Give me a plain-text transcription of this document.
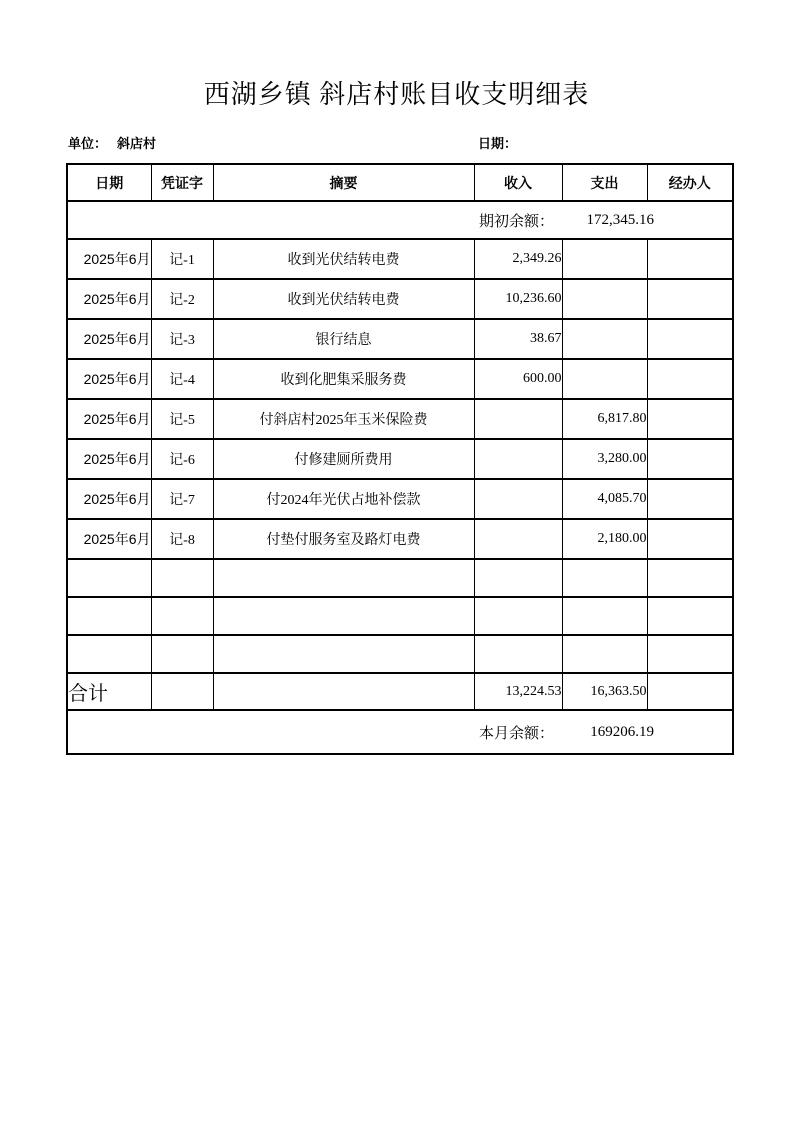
西湖乡镇 斜店村账目收支明细表
单位： 斜店村	日期：
日期	凭证字	摘要	收入	支出	经办人

期初余额： 172,345.16					

2025年6月	记-1	收到光伏结转电费	2,349.26		
2025年6月	记-2	收到光伏结转电费	10,236.60		
2025年6月	记-3	银行结息	38.67		
2025年6月	记-4	收到化肥集采服务费	600.00		
2025年6月	记-5	付斜店村2025年玉米保险费		6,817.80	
2025年6月	记-6	付修建厕所费用		3,280.00	
2025年6月	记-7	付2024年光伏占地补偿款		4,085.70	
2025年6月	记-8	付垫付服务室及路灯电费		2,180.00	

合计			13,224.53	16,363.50	

本月余额： 169206.19					
